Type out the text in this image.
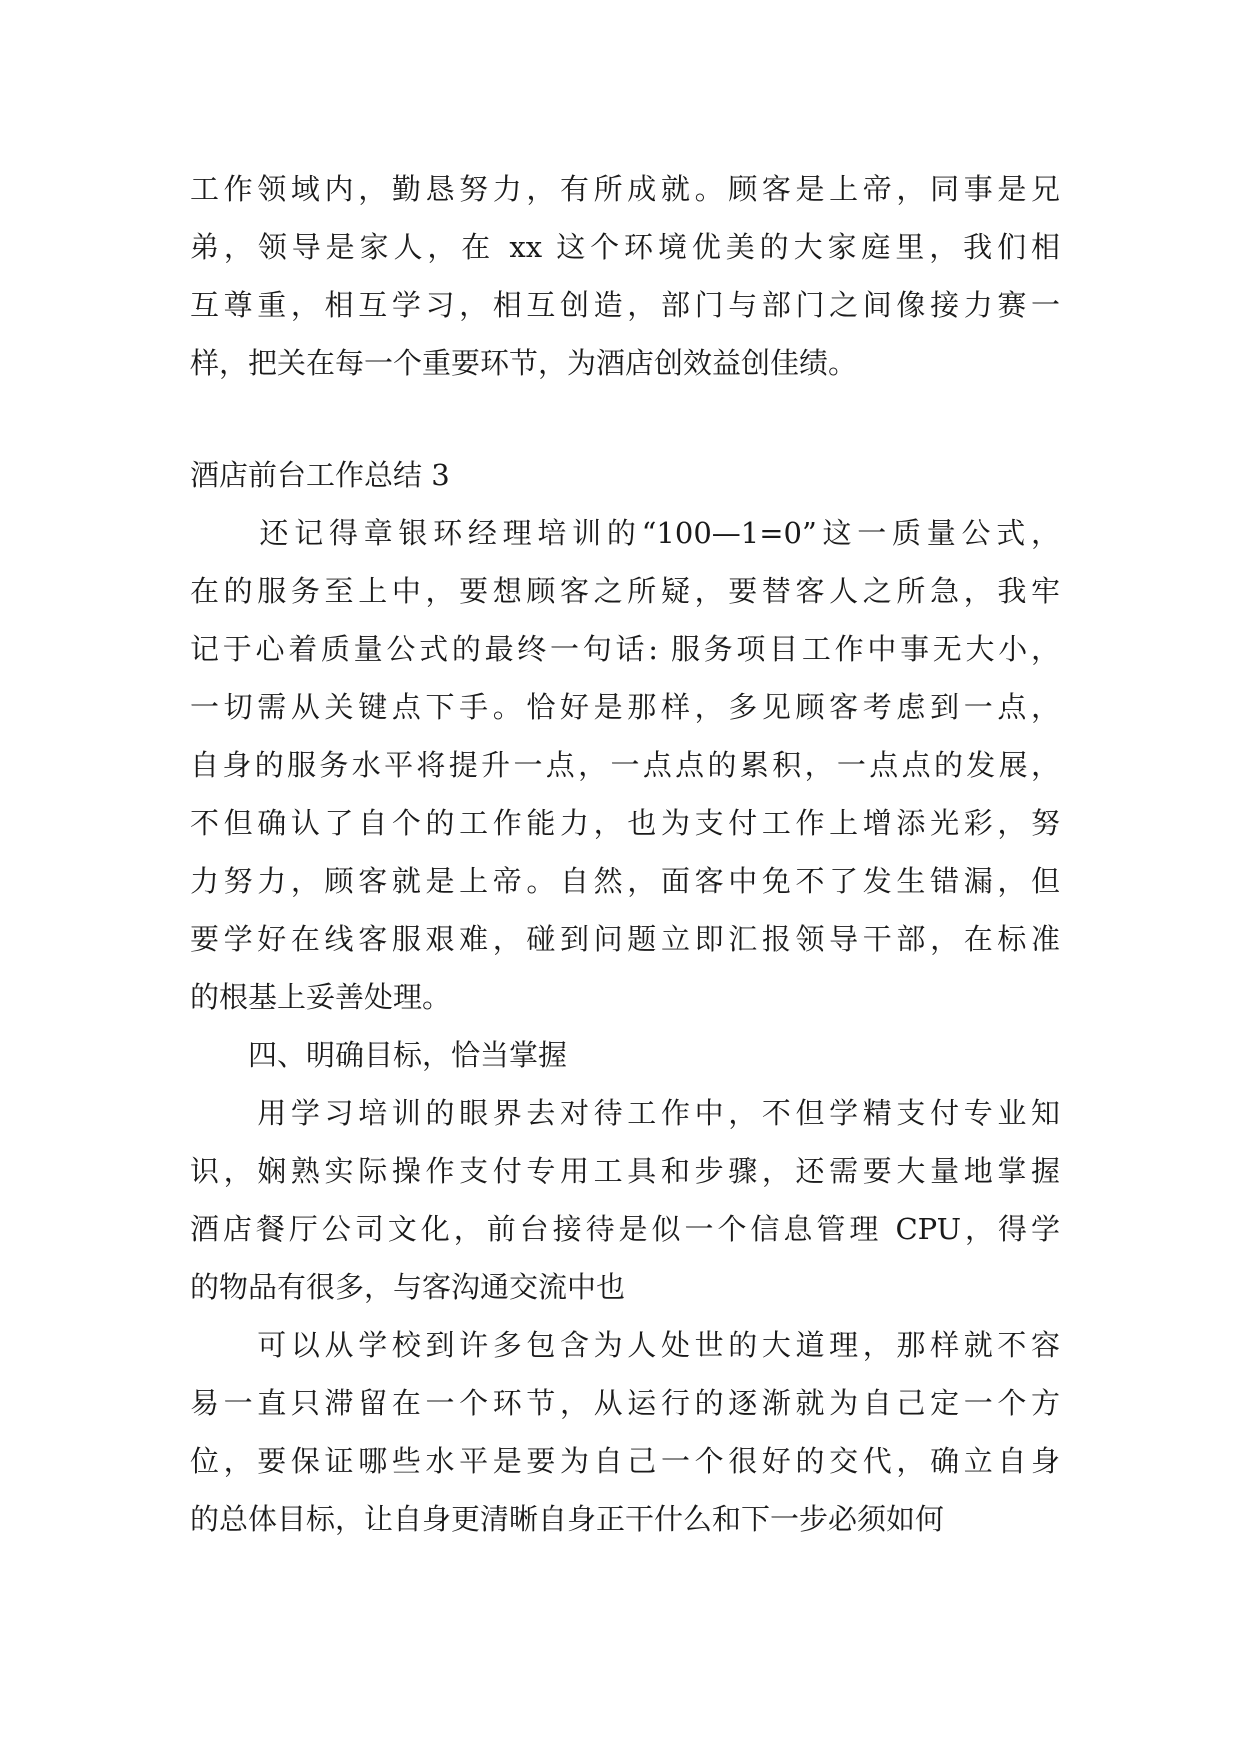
工作领域内，勤恳努力，有所成就。顾客是上帝，同事是兄
弟，领导是家人，在 xx 这个环境优美的大家庭里，我们相
互尊重，相互学习，相互创造，部门与部门之间像接力赛一
样，把关在每一个重要环节，为酒店创效益创佳绩。
酒店前台工作总结 3
　　还记得章银环经理培训的“100—1=0”这一质量公式，
在的服务至上中，要想顾客之所疑，要替客人之所急，我牢
记于心着质量公式的最终一句话: 服务项目工作中事无大小，
一切需从关键点下手。恰好是那样，多见顾客考虑到一点，
自身的服务水平将提升一点，一点点的累积，一点点的发展，
不但确认了自个的工作能力，也为支付工作上增添光彩，努
力努力，顾客就是上帝。自然，面客中免不了发生错漏，但
要学好在线客服艰难，碰到问题立即汇报领导干部，在标准
的根基上妥善处理。
　　四、明确目标，恰当掌握
　　用学习培训的眼界去对待工作中，不但学精支付专业知
识，娴熟实际操作支付专用工具和步骤，还需要大量地掌握
酒店餐厅公司文化，前台接待是似一个信息管理 CPU，得学
的物品有很多，与客沟通交流中也
　　可以从学校到许多包含为人处世的大道理，那样就不容
易一直只滞留在一个环节，从运行的逐渐就为自己定一个方
位，要保证哪些水平是要为自己一个很好的交代，确立自身
的总体目标，让自身更清晰自身正干什么和下一步必须如何
